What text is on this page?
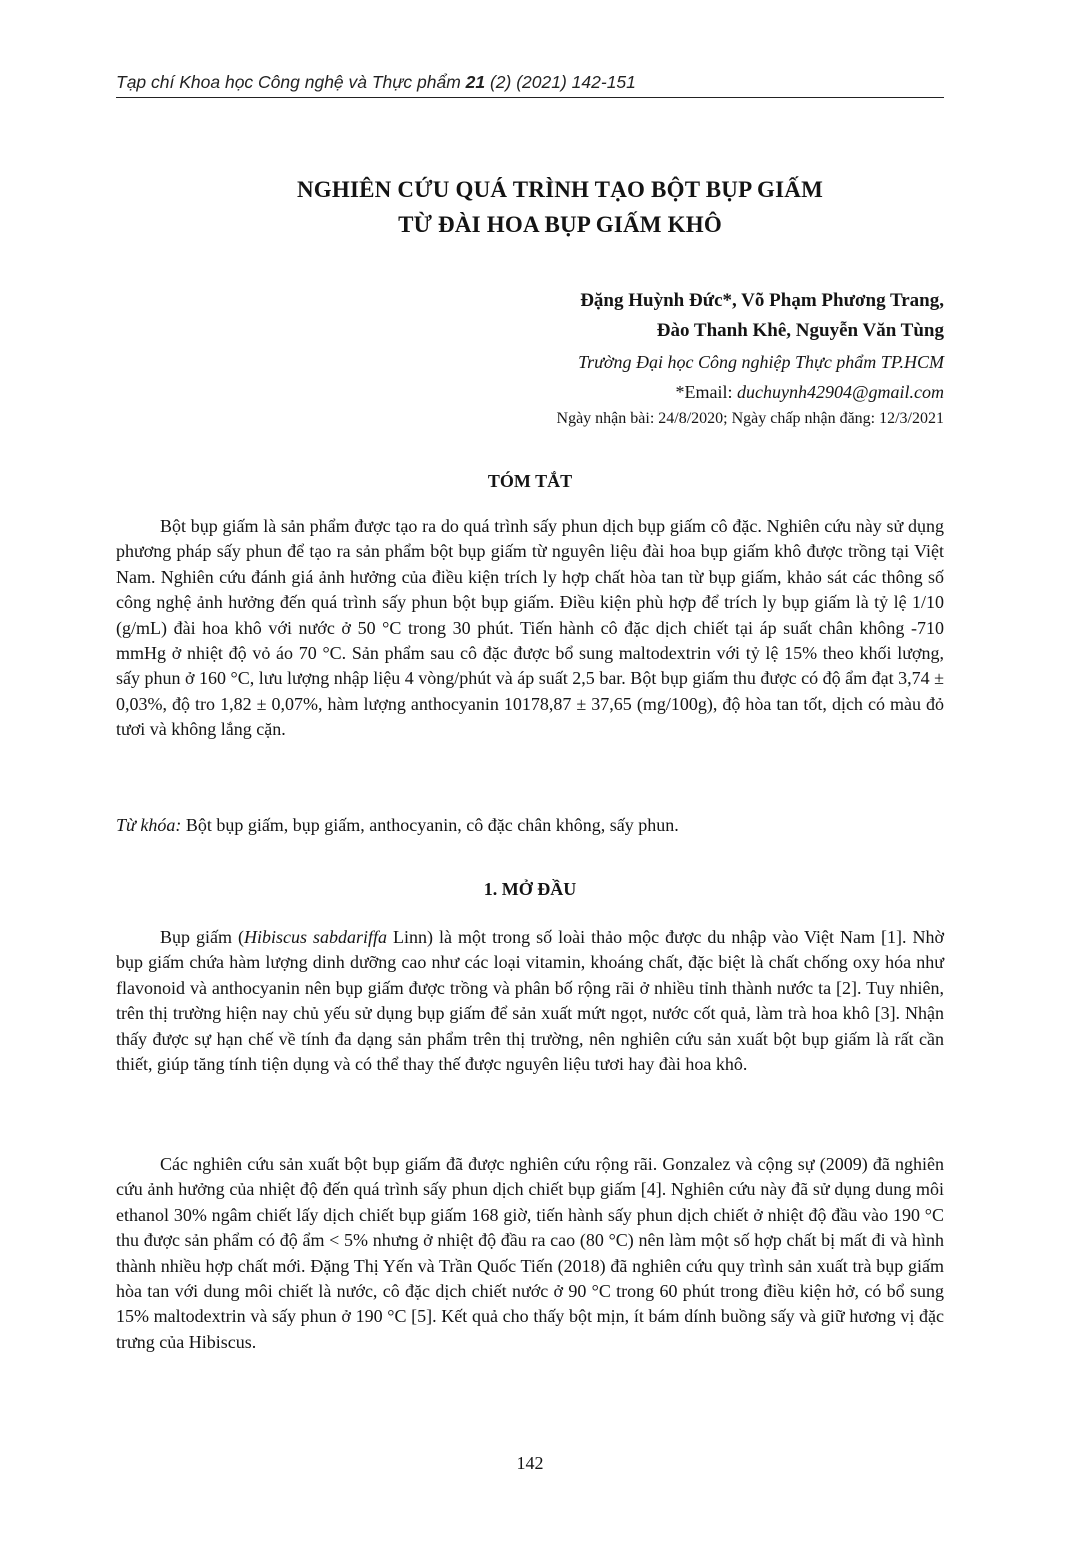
Tạp chí Khoa học Công nghệ và Thực phẩm 21 (2) (2021) 142-151
NGHIÊN CỨU QUÁ TRÌNH TẠO BỘT BỤP GIẤM
TỪ ĐÀI HOA BỤP GIẤM KHÔ
Đặng Huỳnh Đức*, Võ Phạm Phương Trang,
Đào Thanh Khê, Nguyễn Văn Tùng
Trường Đại học Công nghiệp Thực phẩm TP.HCM
*Email: duchuynh42904@gmail.com
Ngày nhận bài: 24/8/2020; Ngày chấp nhận đăng: 12/3/2021
TÓM TẮT

Bột bụp giấm là sản phẩm được tạo ra do quá trình sấy phun dịch bụp giấm cô đặc. Nghiên cứu này sử dụng phương pháp sấy phun để tạo ra sản phẩm bột bụp giấm từ nguyên liệu đài hoa bụp giấm khô được trồng tại Việt Nam. Nghiên cứu đánh giá ảnh hưởng của điều kiện trích ly hợp chất hòa tan từ bụp giấm, khảo sát các thông số công nghệ ảnh hưởng đến quá trình sấy phun bột bụp giấm. Điều kiện phù hợp để trích ly bụp giấm là tỷ lệ 1/10 (g/mL) đài hoa khô với nước ở 50 °C trong 30 phút. Tiến hành cô đặc dịch chiết tại áp suất chân không -710 mmHg ở nhiệt độ vỏ áo 70 °C. Sản phẩm sau cô đặc được bổ sung maltodextrin với tỷ lệ 15% theo khối lượng, sấy phun ở 160 °C, lưu lượng nhập liệu 4 vòng/phút và áp suất 2,5 bar. Bột bụp giấm thu được có độ ẩm đạt 3,74 ± 0,03%, độ tro 1,82 ± 0,07%, hàm lượng anthocyanin 10178,87 ± 37,65 (mg/100g), độ hòa tan tốt, dịch có màu đỏ tươi và không lắng cặn.

Từ khóa: Bột bụp giấm, bụp giấm, anthocyanin, cô đặc chân không, sấy phun.
1. MỞ ĐẦU

Bụp giấm (Hibiscus sabdariffa Linn) là một trong số loài thảo mộc được du nhập vào Việt Nam [1]. Nhờ bụp giấm chứa hàm lượng dinh dưỡng cao như các loại vitamin, khoáng chất, đặc biệt là chất chống oxy hóa như flavonoid và anthocyanin nên bụp giấm được trồng và phân bố rộng rãi ở nhiều tỉnh thành nước ta [2]. Tuy nhiên, trên thị trường hiện nay chủ yếu sử dụng bụp giấm để sản xuất mứt ngọt, nước cốt quả, làm trà hoa khô [3]. Nhận thấy được sự hạn chế về tính đa dạng sản phẩm trên thị trường, nên nghiên cứu sản xuất bột bụp giấm là rất cần thiết, giúp tăng tính tiện dụng và có thể thay thế được nguyên liệu tươi hay đài hoa khô.

Các nghiên cứu sản xuất bột bụp giấm đã được nghiên cứu rộng rãi. Gonzalez và cộng sự (2009) đã nghiên cứu ảnh hưởng của nhiệt độ đến quá trình sấy phun dịch chiết bụp giấm [4]. Nghiên cứu này đã sử dụng dung môi ethanol 30% ngâm chiết lấy dịch chiết bụp giấm 168 giờ, tiến hành sấy phun dịch chiết ở nhiệt độ đầu vào 190 °C thu được sản phẩm có độ ẩm < 5% nhưng ở nhiệt độ đầu ra cao (80 °C) nên làm một số hợp chất bị mất đi và hình thành nhiều hợp chất mới. Đặng Thị Yến và Trần Quốc Tiến (2018) đã nghiên cứu quy trình sản xuất trà bụp giấm hòa tan với dung môi chiết là nước, cô đặc dịch chiết nước ở 90 °C trong 60 phút trong điều kiện hở, có bổ sung 15% maltodextrin và sấy phun ở 190 °C [5]. Kết quả cho thấy bột mịn, ít bám dính buồng sấy và giữ hương vị đặc trưng của Hibiscus.

142
